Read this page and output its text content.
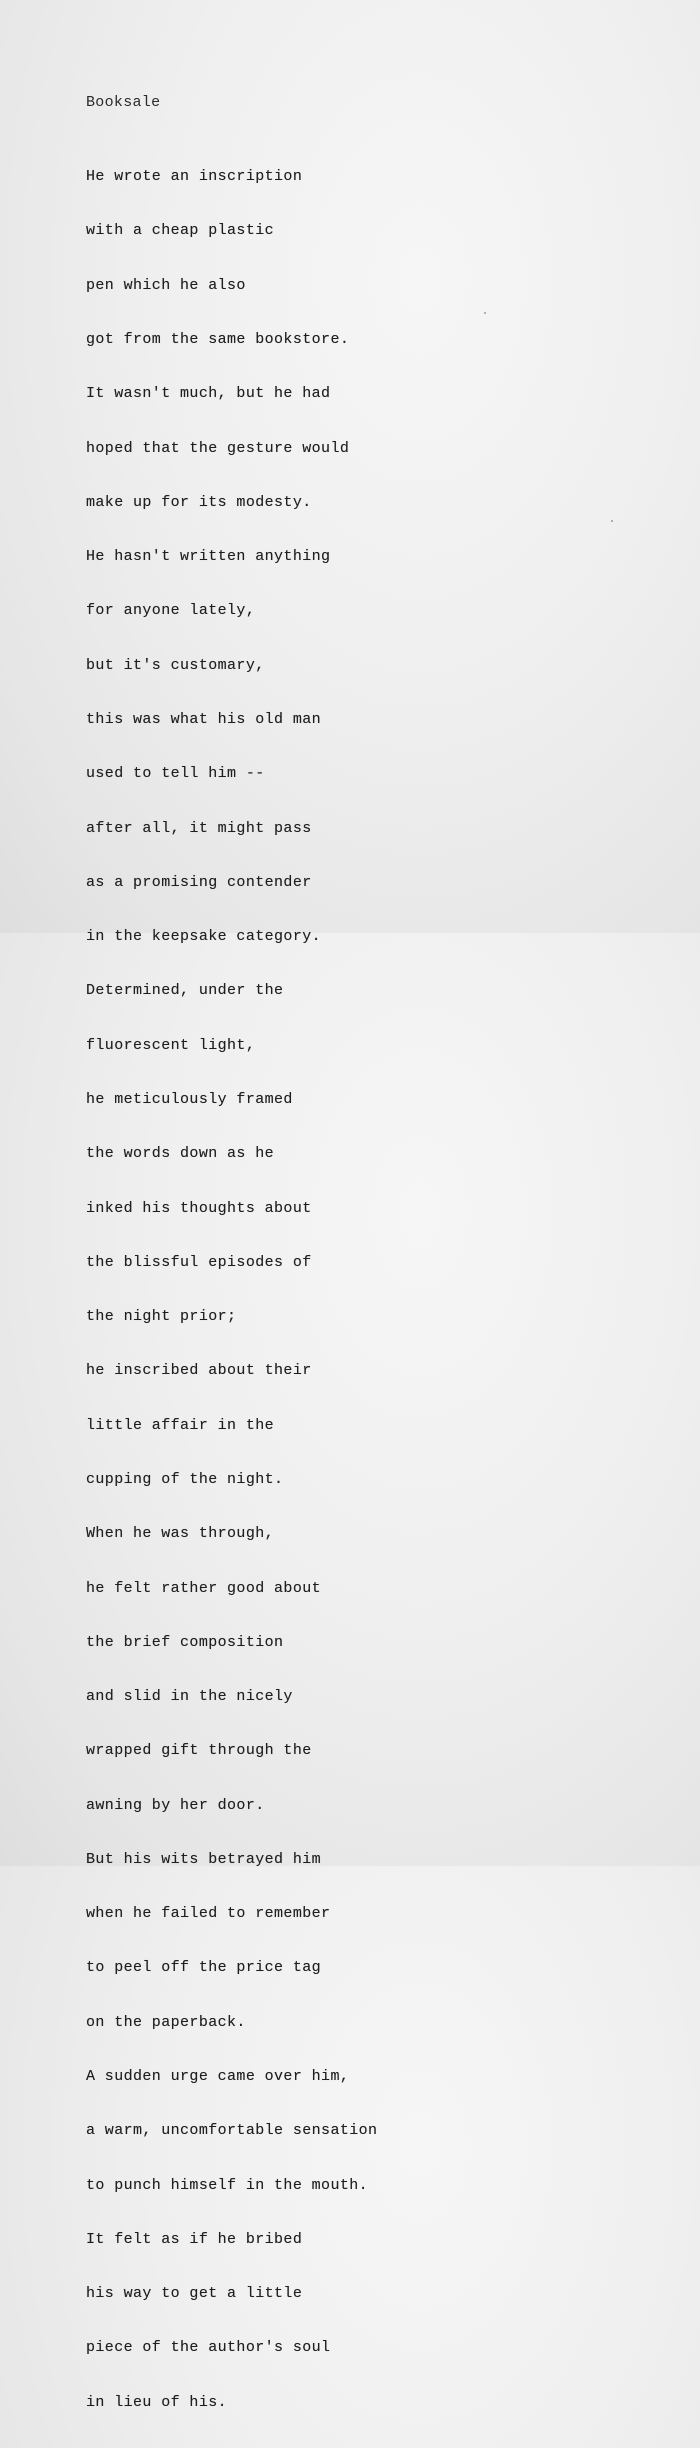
Booksale

He wrote an inscription

with a cheap plastic

pen which he also

got from the same bookstore.

It wasn't much, but he had

hoped that the gesture would

make up for its modesty.

He hasn't written anything

for anyone lately,

but it's customary,

this was what his old man

used to tell him --

after all, it might pass

as a promising contender

in the keepsake category.

Determined, under the

fluorescent light,

he meticulously framed

the words down as he

inked his thoughts about

the blissful episodes of

the night prior;

he inscribed about their

little affair in the

cupping of the night.

When he was through,

he felt rather good about

the brief composition

and slid in the nicely

wrapped gift through the

awning by her door.

But his wits betrayed him

when he failed to remember

to peel off the price tag

on the paperback.

A sudden urge came over him,

a warm, uncomfortable sensation

to punch himself in the mouth.

It felt as if he bribed

his way to get a little

piece of the author's soul

in lieu of his.
